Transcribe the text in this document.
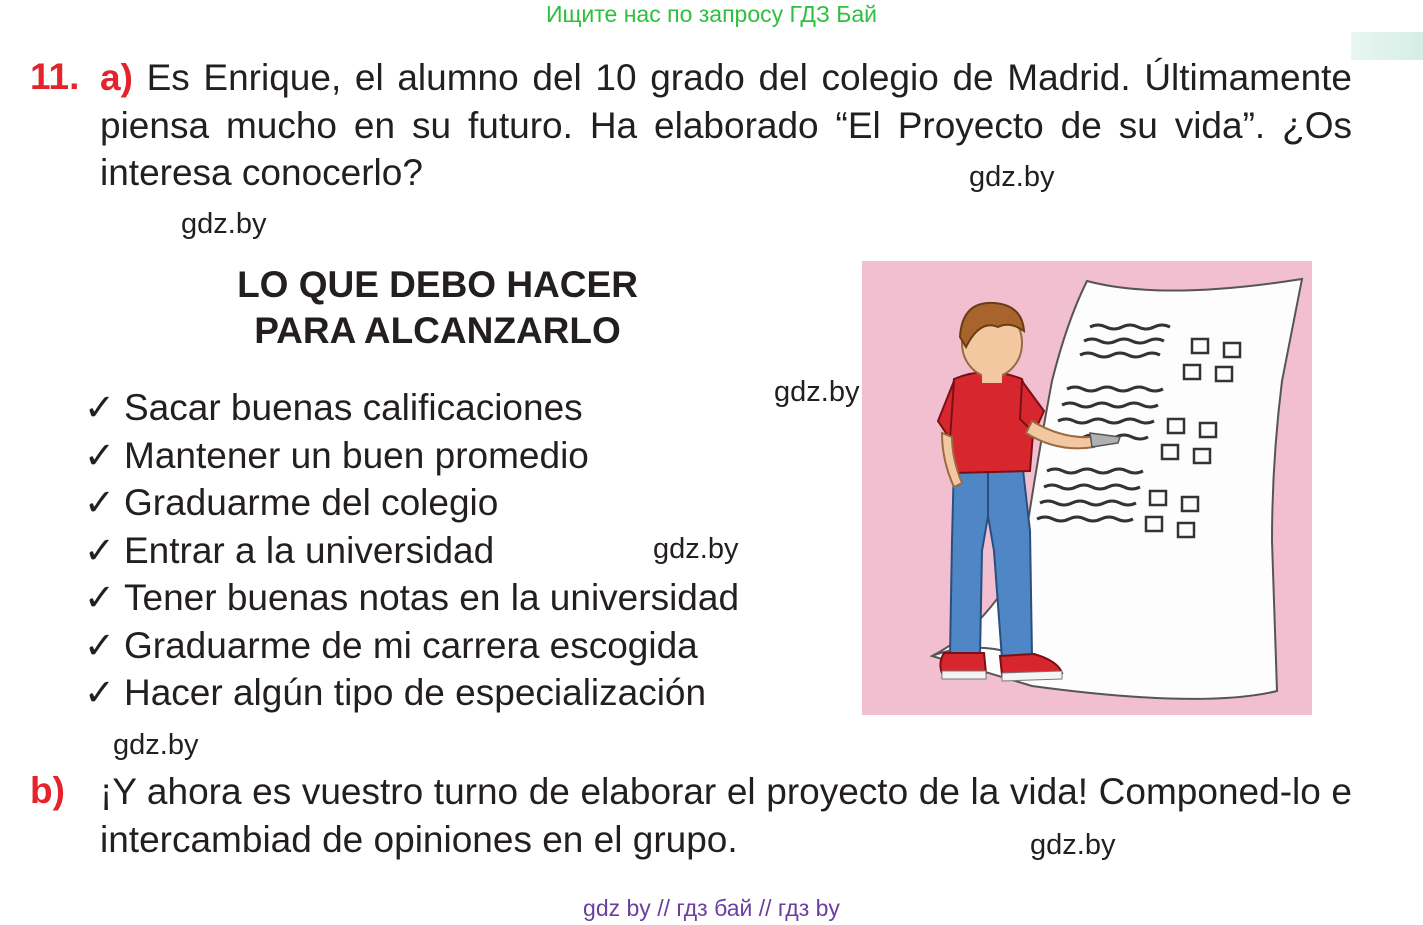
Ищите нас по запросу ГДЗ Бай
11. a) Es Enrique, el alumno del 10 grado del colegio de Madrid. Últimamente piensa mucho en su futuro. Ha elaborado “El Proyecto de su vida”. ¿Os interesa conocerlo?	gdz.by
gdz.by
LO QUE DEBO HACER
PARA ALCANZARLO
✓ Sacar buenas calificaciones
✓ Mantener un buen promedio
✓ Graduarme del colegio
✓ Entrar a la universidad
✓ Tener buenas notas en la universidad
✓ Graduarme de mi carrera escogida
✓ Hacer algún tipo de especialización
gdz.by
gdz.by
gdz.by
b) ¡Y ahora es vuestro turno de elaborar el proyecto de la vida! Componed-lo e intercambiad de opiniones en el grupo.	gdz.by
gdz by // гдз бай // гдз by
